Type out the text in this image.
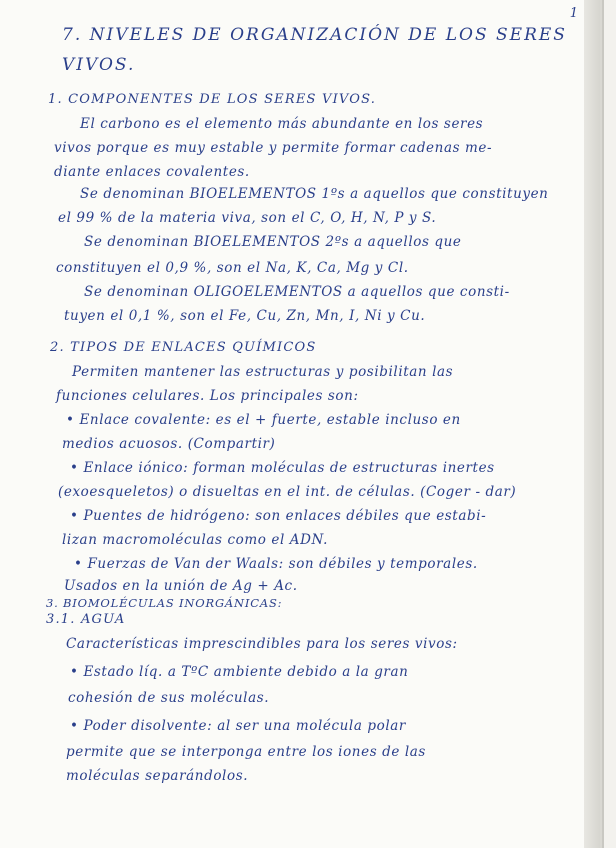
1
7. NIVELES DE ORGANIZACIÓN DE LOS SERES VIVOS.
1. COMPONENTES DE LOS SERES VIVOS.
El carbono es el elemento más abundante en los seres
vivos porque es muy estable y permite formar cadenas me-
diante enlaces covalentes.
Se denominan BIOELEMENTOS 1ºs a aquellos que constituyen
el 99 % de la materia viva, son el C, O, H, N, P y S.
Se denominan BIOELEMENTOS 2ºs a aquellos que
constituyen el 0,9 %, son el Na, K, Ca, Mg y Cl.
Se denominan OLIGOELEMENTOS a aquellos que consti-
tuyen el 0,1 %, son el Fe, Cu, Zn, Mn, I, Ni y Cu.
2. TIPOS DE ENLACES QUÍMICOS
Permiten mantener las estructuras y posibilitan las
funciones celulares. Los principales son:
• Enlace covalente: es el + fuerte, estable incluso en
medios acuosos. (Compartir)
• Enlace iónico: forman moléculas de estructuras inertes
(exoesqueletos) o disueltas en el int. de células. (Coger - dar)
• Puentes de hidrógeno: son enlaces débiles que estabi-
lizan macromoléculas como el ADN.
• Fuerzas de Van der Waals: son débiles y temporales.
Usados en la unión de Ag + Ac.
3. BIOMOLÉCULAS INORGÁNICAS:
3.1. AGUA
Características imprescindibles para los seres vivos:
• Estado líq. a TºC ambiente debido a la gran
cohesión de sus moléculas.
• Poder disolvente: al ser una molécula polar
permite que se interponga entre los iones de las
moléculas separándolos.
